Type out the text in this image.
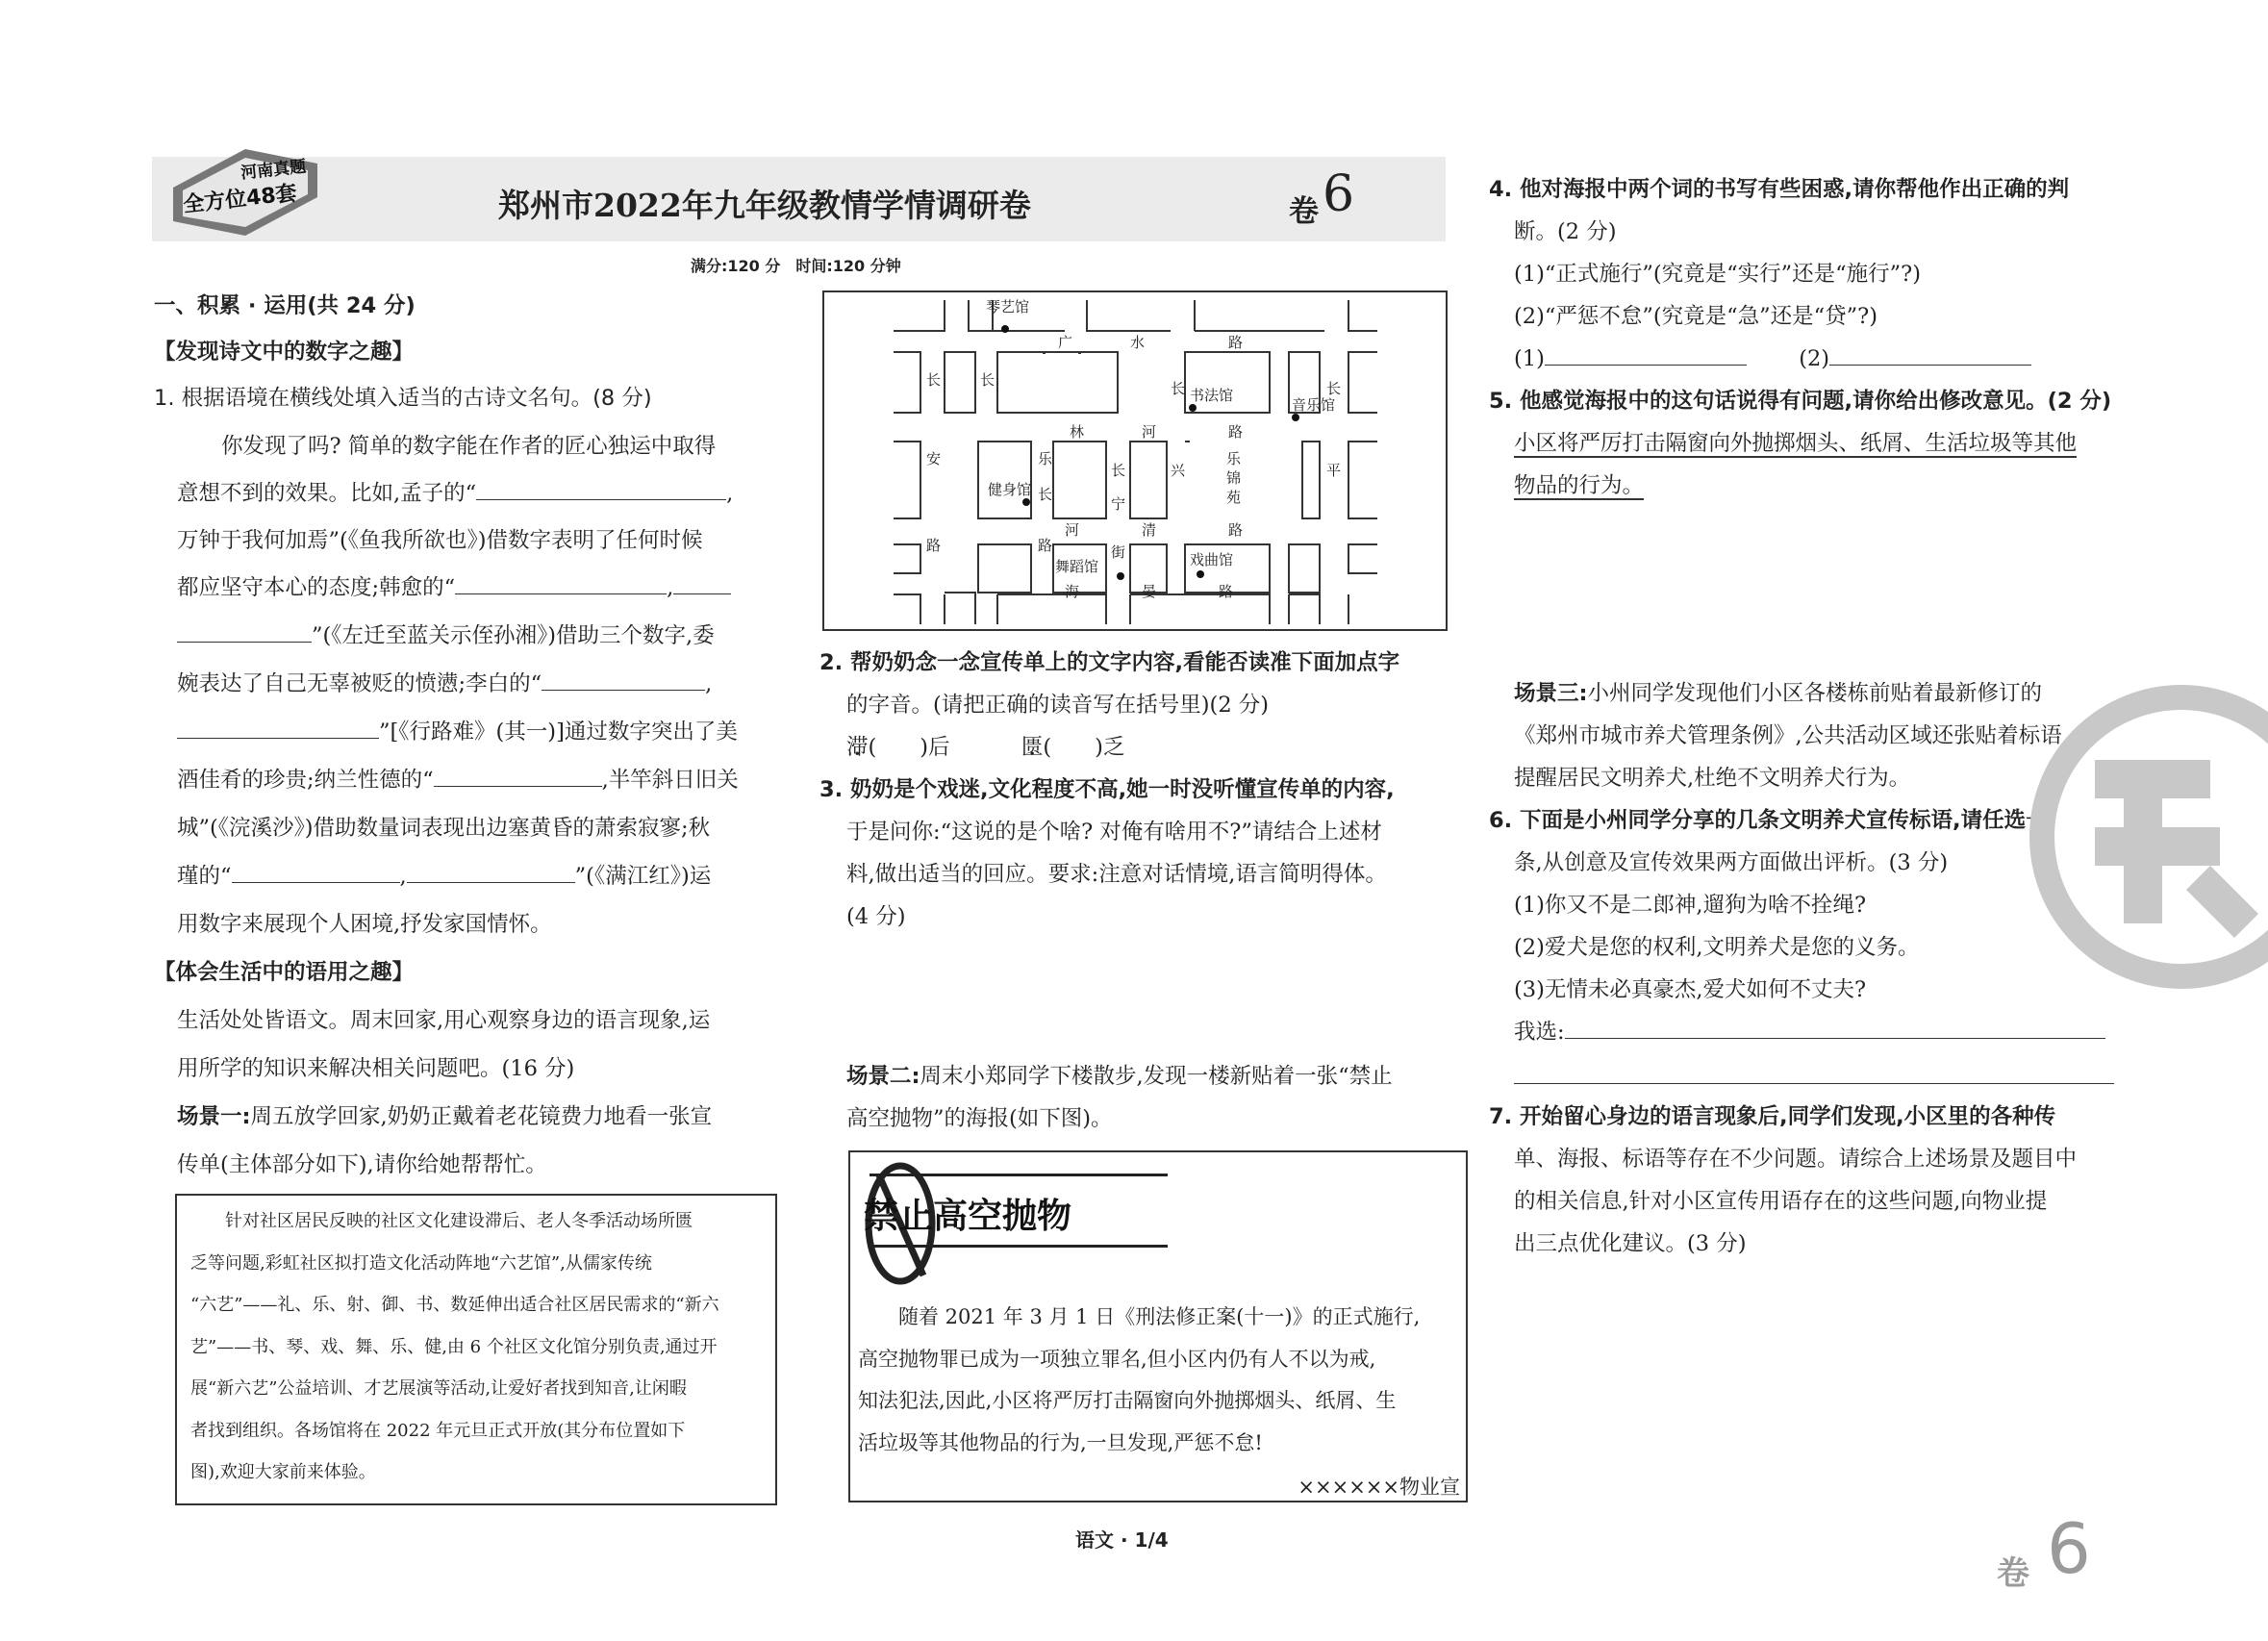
河南真题
全方位48套	郑州市2022年九年级教情学情调研卷	卷 6
满分:120 分　时间:120 分钟
一、积累 · 运用(共 24 分)
【发现诗文中的数字之趣】
1. 根据语境在横线处填入适当的古诗文名句。(8 分)
你发现了吗? 简单的数字能在作者的匠心独运中取得
意想不到的效果。比如,孟子的“	,
万钟于我何加焉”(《鱼我所欲也》)借数字表明了任何时候
都应坚守本心的态度;韩愈的“	,
”(《左迁至蓝关示侄孙湘》)借助三个数字,委
婉表达了自己无辜被贬的愤懑;李白的“	,
”[《行路难》(其一)]通过数字突出了美
酒佳肴的珍贵;纳兰性德的“	,半竿斜日旧关
城”(《浣溪沙》)借助数量词表现出边塞黄昏的萧索寂寥;秋
瑾的“	,	”(《满江红》)运
用数字来展现个人困境,抒发家国情怀。
【体会生活中的语用之趣】
生活处处皆语文。周末回家,用心观察身边的语言现象,运
用所学的知识来解决相关问题吧。(16 分)
场景一:周五放学回家,奶奶正戴着老花镜费力地看一张宣
传单(主体部分如下),请你给她帮帮忙。
　　针对社区居民反映的社区文化建设滞后、老人冬季活动场所匮
乏等问题,彩虹社区拟打造文化活动阵地“六艺馆”,从儒家传统
“六艺”——礼、乐、射、御、书、数延伸出适合社区居民需求的“新六
艺”——书、琴、戏、舞、乐、健,由 6 个社区文化馆分别负责,通过开
展“新六艺”公益培训、才艺展演等活动,让爱好者找到知音,让闲暇
者找到组织。各场馆将在 2022 年元旦正式开放(其分布位置如下
图),欢迎大家前来体验。
琴艺馆
广	水	路
长	长	长	长
书法馆
音乐馆
林	河	路
安	乐
长	兴	平
乐
锦
苑
健身馆 长
宁
河	清	路
路	路	街
舞蹈馆	戏曲馆
海	晏	路
2. 帮奶奶念一念宣传单上的文字内容,看能否读准下面加点字
的字音。(请把正确的读音写在括号里)(2 分)
滞(　　)后	匮(　　)乏
3. 奶奶是个戏迷,文化程度不高,她一时没听懂宣传单的内容,
于是问你:“这说的是个啥? 对俺有啥用不?”请结合上述材
料,做出适当的回应。要求:注意对话情境,语言简明得体。
(4 分)
场景二:周末小郑同学下楼散步,发现一楼新贴着一张“禁止
高空抛物”的海报(如下图)。
禁止高空抛物
　　随着 2021 年 3 月 1 日《刑法修正案(十一)》的正式施行,
高空抛物罪已成为一项独立罪名,但小区内仍有人不以为戒,
知法犯法,因此,小区将严厉打击隔窗向外抛掷烟头、纸屑、生
活垃圾等其他物品的行为,一旦发现,严惩不怠!
××××××物业宣
4. 他对海报中两个词的书写有些困惑,请你帮他作出正确的判
断。(2 分)
(1)“正式施行”(究竟是“实行”还是“施行”?)
(2)“严惩不怠”(究竟是“急”还是“贷”?)
(1)	(2)
5. 他感觉海报中的这句话说得有问题,请你给出修改意见。(2 分)
小区将严厉打击隔窗向外抛掷烟头、纸屑、生活垃圾等其他
物品的行为。
场景三:小州同学发现他们小区各楼栋前贴着最新修订的
《郑州市城市养犬管理条例》,公共活动区域还张贴着标语,
提醒居民文明养犬,杜绝不文明养犬行为。
6. 下面是小州同学分享的几条文明养犬宣传标语,请任选一
条,从创意及宣传效果两方面做出评析。(3 分)
(1)你又不是二郎神,遛狗为啥不拴绳?
(2)爱犬是您的权利,文明养犬是您的义务。
(3)无情未必真豪杰,爱犬如何不丈夫?
我选:
7. 开始留心身边的语言现象后,同学们发现,小区里的各种传
单、海报、标语等存在不少问题。请综合上述场景及题目中
的相关信息,针对小区宣传用语存在的这些问题,向物业提
出三点优化建议。(3 分)
语文 · 1/4
卷 6
